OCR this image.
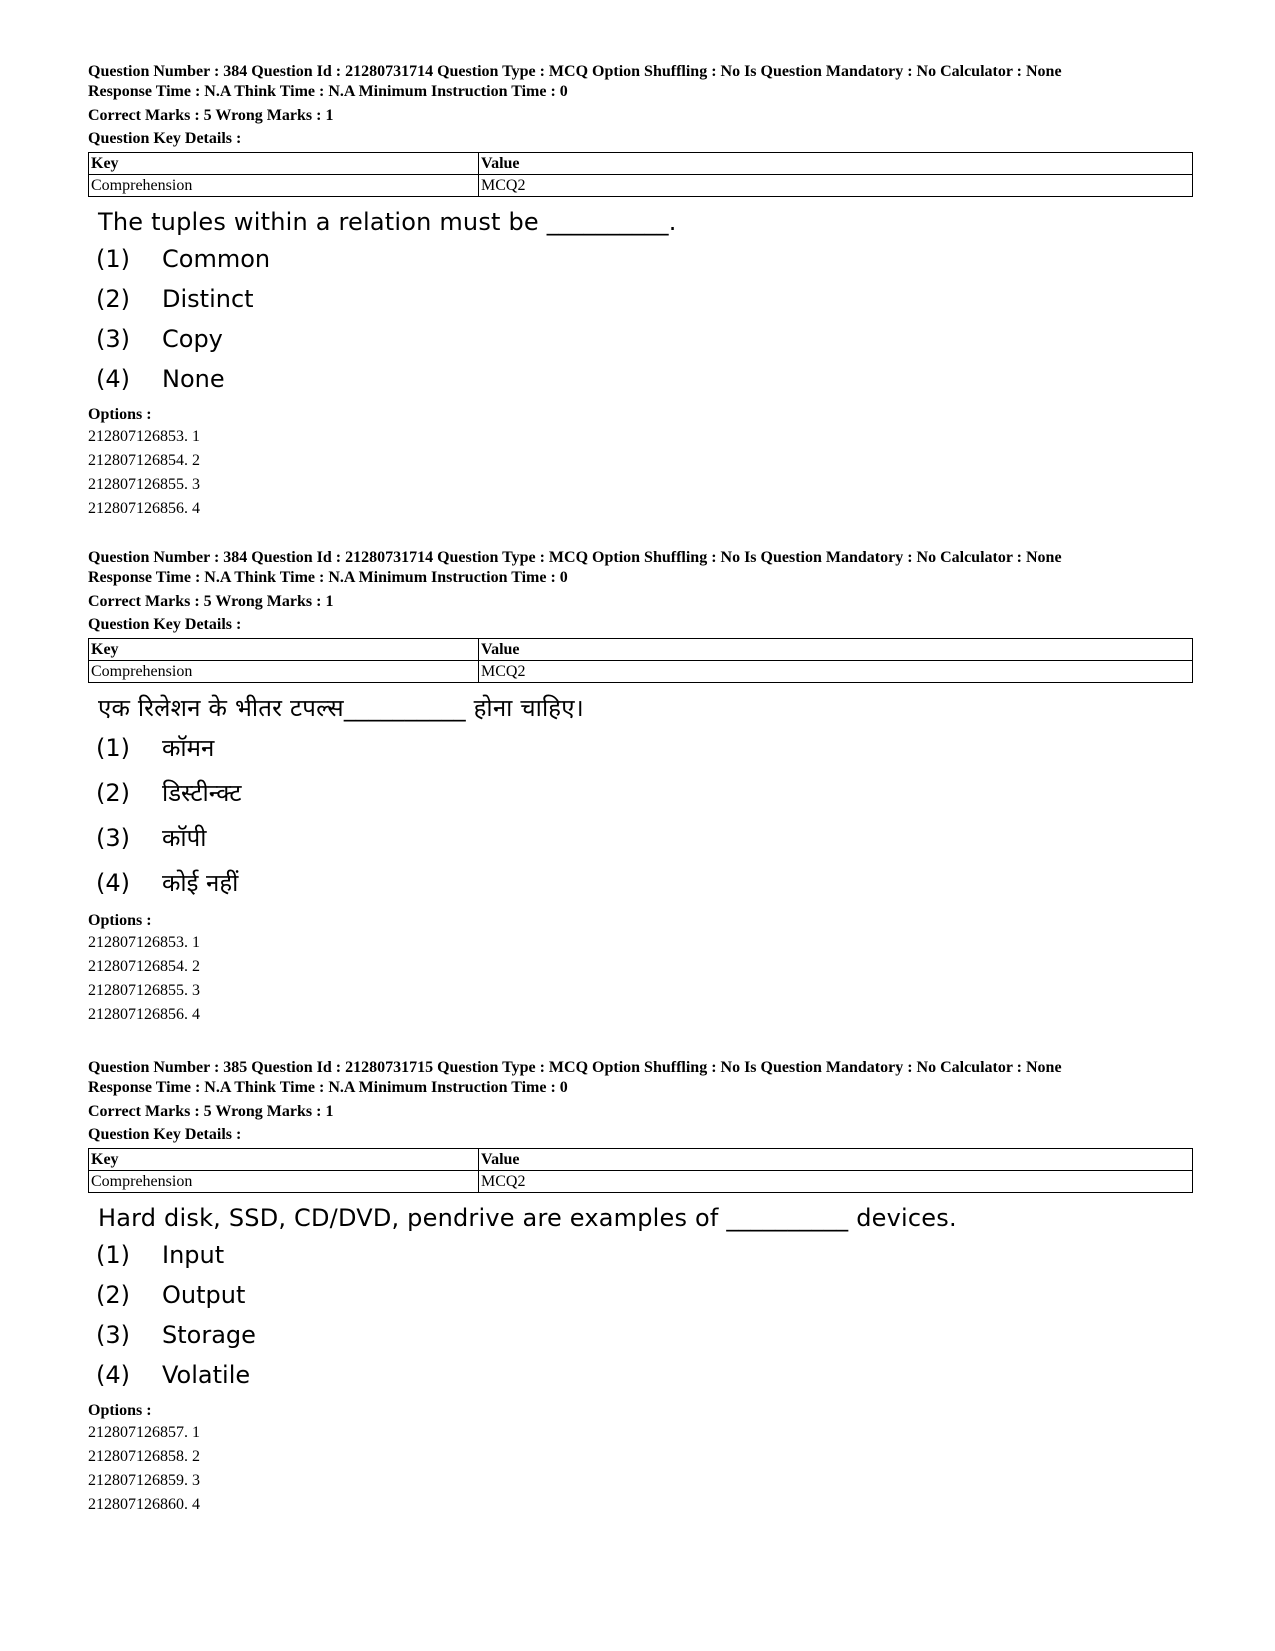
Question Number : 384 Question Id : 21280731714 Question Type : MCQ Option Shuffling : No Is Question Mandatory : No Calculator : None
Response Time : N.A Think Time : N.A Minimum Instruction Time : 0
Correct Marks : 5 Wrong Marks : 1
Question Key Details :
Key	Value
Comprehension	MCQ2
The tuples within a relation must be __________.
(1)	Common
(2)	Distinct
(3)	Copy
(4)	None
Options :
212807126853. 1
212807126854. 2
212807126855. 3
212807126856. 4
Question Number : 384 Question Id : 21280731714 Question Type : MCQ Option Shuffling : No Is Question Mandatory : No Calculator : None
Response Time : N.A Think Time : N.A Minimum Instruction Time : 0
Correct Marks : 5 Wrong Marks : 1
Question Key Details :
Key	Value
Comprehension	MCQ2
एक रिलेशन के भीतर टपल्स__________ होना चाहिए।
(1)	कॉमन
(2)	डिस्टीन्क्ट
(3)	कॉपी
(4)	कोई नहीं
Options :
212807126853. 1
212807126854. 2
212807126855. 3
212807126856. 4
Question Number : 385 Question Id : 21280731715 Question Type : MCQ Option Shuffling : No Is Question Mandatory : No Calculator : None
Response Time : N.A Think Time : N.A Minimum Instruction Time : 0
Correct Marks : 5 Wrong Marks : 1
Question Key Details :
Key	Value
Comprehension	MCQ2
Hard disk, SSD, CD/DVD, pendrive are examples of __________ devices.
(1)	Input
(2)	Output
(3)	Storage
(4)	Volatile
Options :
212807126857. 1
212807126858. 2
212807126859. 3
212807126860. 4
